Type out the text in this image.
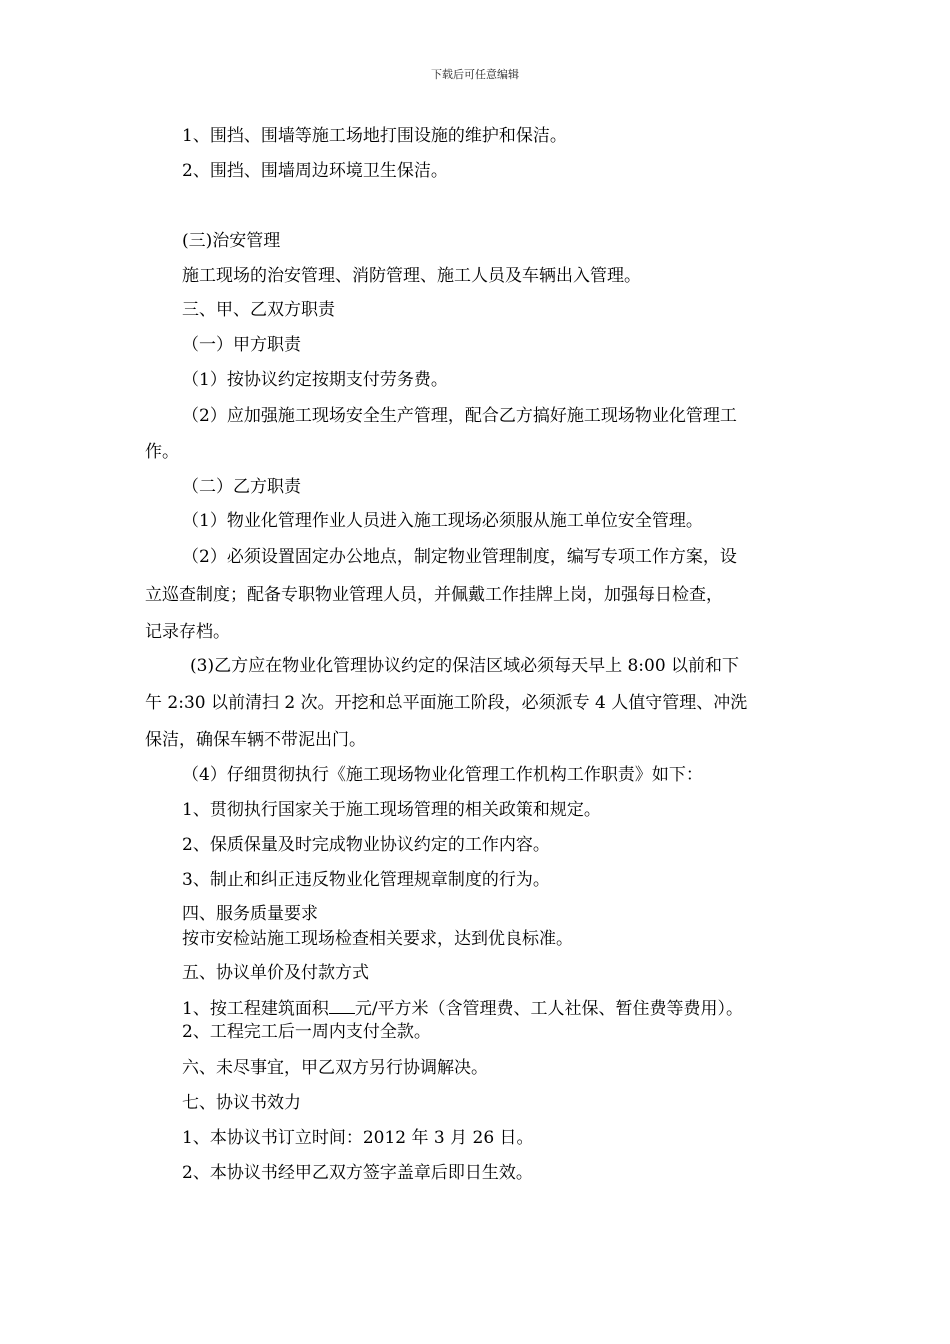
下载后可任意编辑
1、围挡、围墙等施工场地打围设施的维护和保洁。
2、围挡、围墙周边环境卫生保洁。
(三)治安管理
施工现场的治安管理、消防管理、施工人员及车辆出入管理。
三、甲、乙双方职责
（一）甲方职责
（1）按协议约定按期支付劳务费。
（2）应加强施工现场安全生产管理，配合乙方搞好施工现场物业化管理工
作。
（二）乙方职责
（1）物业化管理作业人员进入施工现场必须服从施工单位安全管理。
（2）必须设置固定办公地点，制定物业管理制度，编写专项工作方案，设
立巡查制度；配备专职物业管理人员，并佩戴工作挂牌上岗，加强每日检查，
记录存档。
(3)乙方应在物业化管理协议约定的保洁区域必须每天早上 8:00 以前和下
午 2:30 以前清扫 2 次。开挖和总平面施工阶段，必须派专 4 人值守管理、冲洗
保洁，确保车辆不带泥出门。
（4）仔细贯彻执行《施工现场物业化管理工作机构工作职责》如下：
1、贯彻执行国家关于施工现场管理的相关政策和规定。
2、保质保量及时完成物业协议约定的工作内容。
3、制止和纠正违反物业化管理规章制度的行为。
四、服务质量要求
按市安检站施工现场检查相关要求，达到优良标准。
五、协议单价及付款方式
1、按工程建筑面积 元/平方米（含管理费、工人社保、暂住费等费用）。
2、工程完工后一周内支付全款。
六、未尽事宜，甲乙双方另行协调解决。
七、协议书效力
1、本协议书订立时间：2012 年 3 月 26 日。
2、本协议书经甲乙双方签字盖章后即日生效。
